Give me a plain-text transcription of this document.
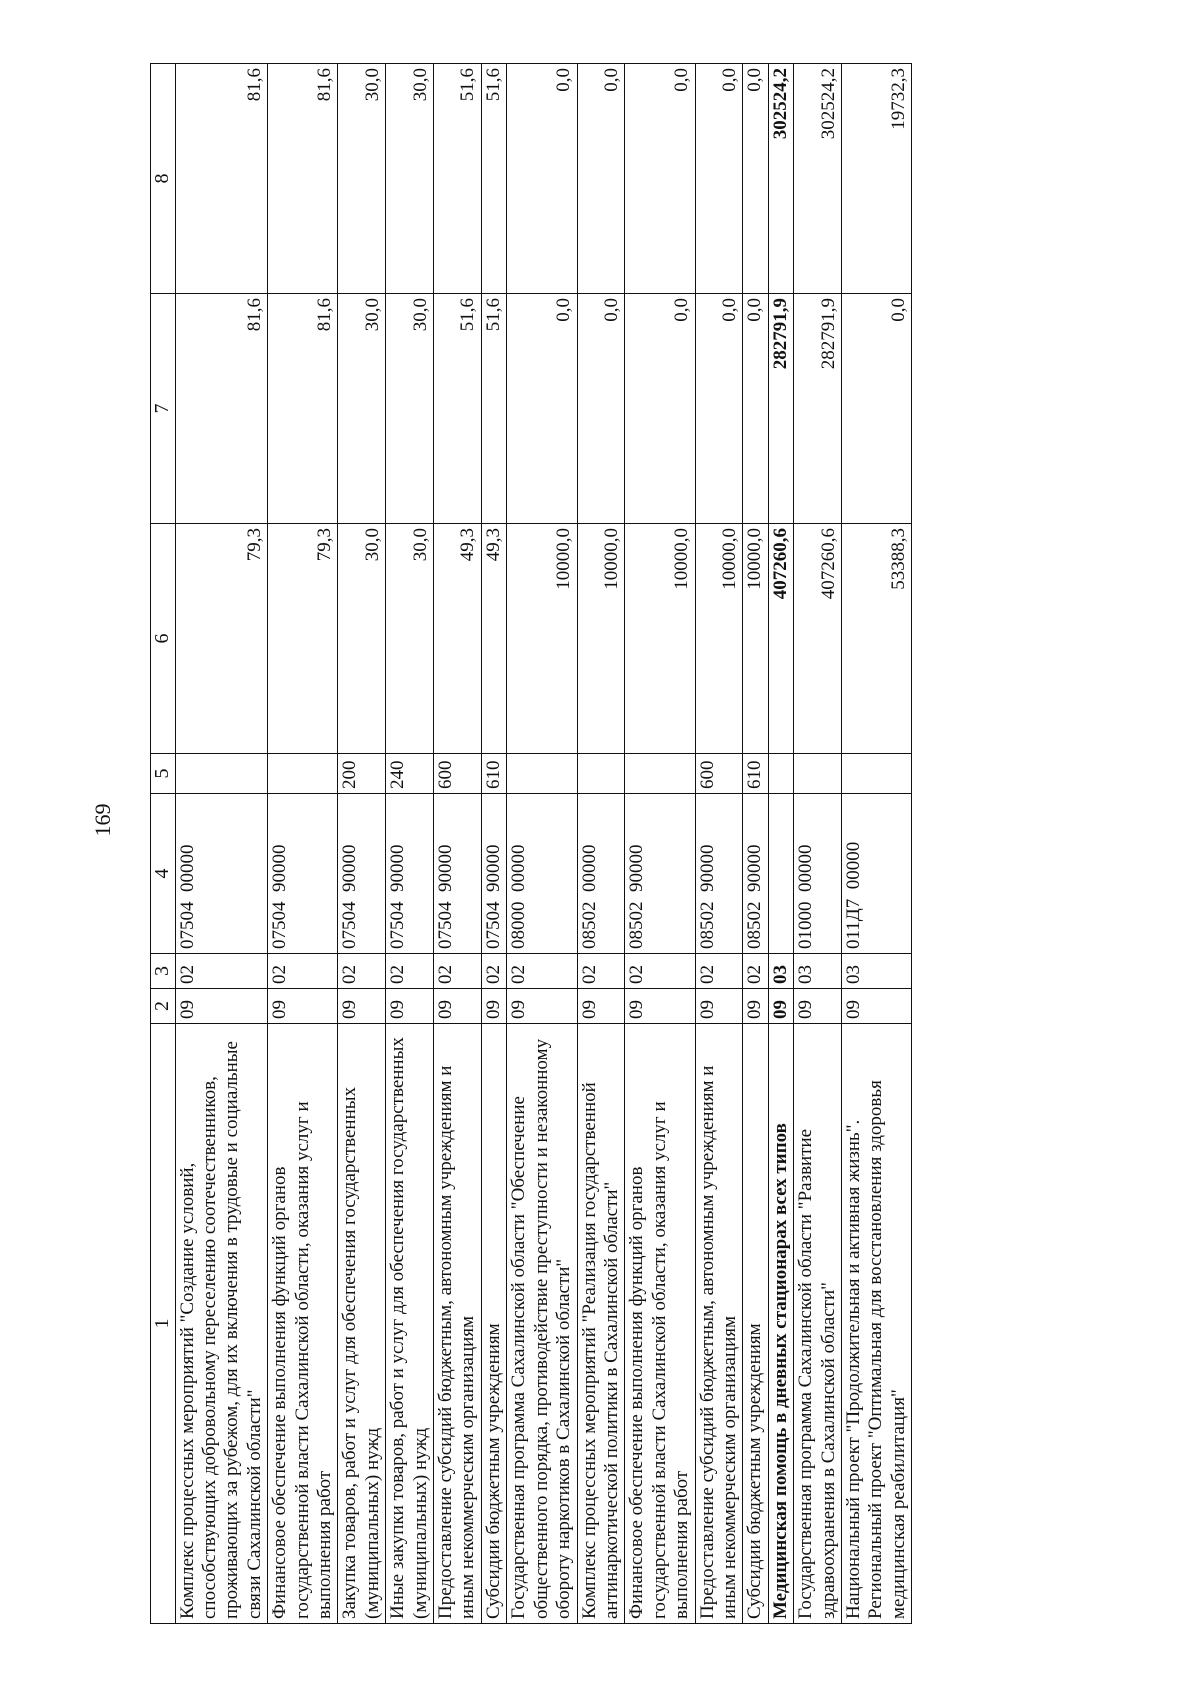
169
1	2	3	4	5	6	7	8
Комплекс процессных мероприятий "Создание условий, способствующих добровольному переселению соотечественников, проживающих за рубежом, для их включения в трудовые и социальные связи Сахалинской области"	09	02	07504  00000		79,3	81,6	81,6
Финансовое обеспечение выполнения функций органов государственной власти Сахалинской области, оказания услуг и выполнения работ	09	02	07504  90000		79,3	81,6	81,6
Закупка товаров, работ и услуг для обеспечения государственных (муниципальных) нужд	09	02	07504  90000	200	30,0	30,0	30,0
Иные закупки товаров, работ и услуг для обеспечения государственных (муниципальных) нужд	09	02	07504  90000	240	30,0	30,0	30,0
Предоставление субсидий бюджетным, автономным учреждениям и иным некоммерческим организациям	09	02	07504  90000	600	49,3	51,6	51,6
Субсидии бюджетным учреждениям	09	02	07504  90000	610	49,3	51,6	51,6
Государственная программа Сахалинской области "Обеспечение общественного порядка, противодействие преступности и незаконному обороту наркотиков в Сахалинской области"	09	02	08000  00000		10000,0	0,0	0,0
Комплекс процессных мероприятий "Реализация государственной антинаркотической политики в Сахалинской области"	09	02	08502  00000		10000,0	0,0	0,0
Финансовое обеспечение выполнения функций органов государственной власти Сахалинской области, оказания услуг и выполнения работ	09	02	08502  90000		10000,0	0,0	0,0
Предоставление субсидий бюджетным, автономным учреждениям и иным некоммерческим организациям	09	02	08502  90000	600	10000,0	0,0	0,0
Субсидии бюджетным учреждениям	09	02	08502  90000	610	10000,0	0,0	0,0
Медицинская помощь в дневных стационарах всех типов	09	03			407260,6	282791,9	302524,2
Государственная программа Сахалинской области "Развитие здравоохранения в Сахалинской области"	09	03	01000  00000		407260,6	282791,9	302524,2
Национальный проект "Продолжительная и активная жизнь". Региональный проект "Оптимальная для восстановления здоровья медицинская реабилитация"	09	03	011Д7  00000		53388,3	0,0	19732,3
